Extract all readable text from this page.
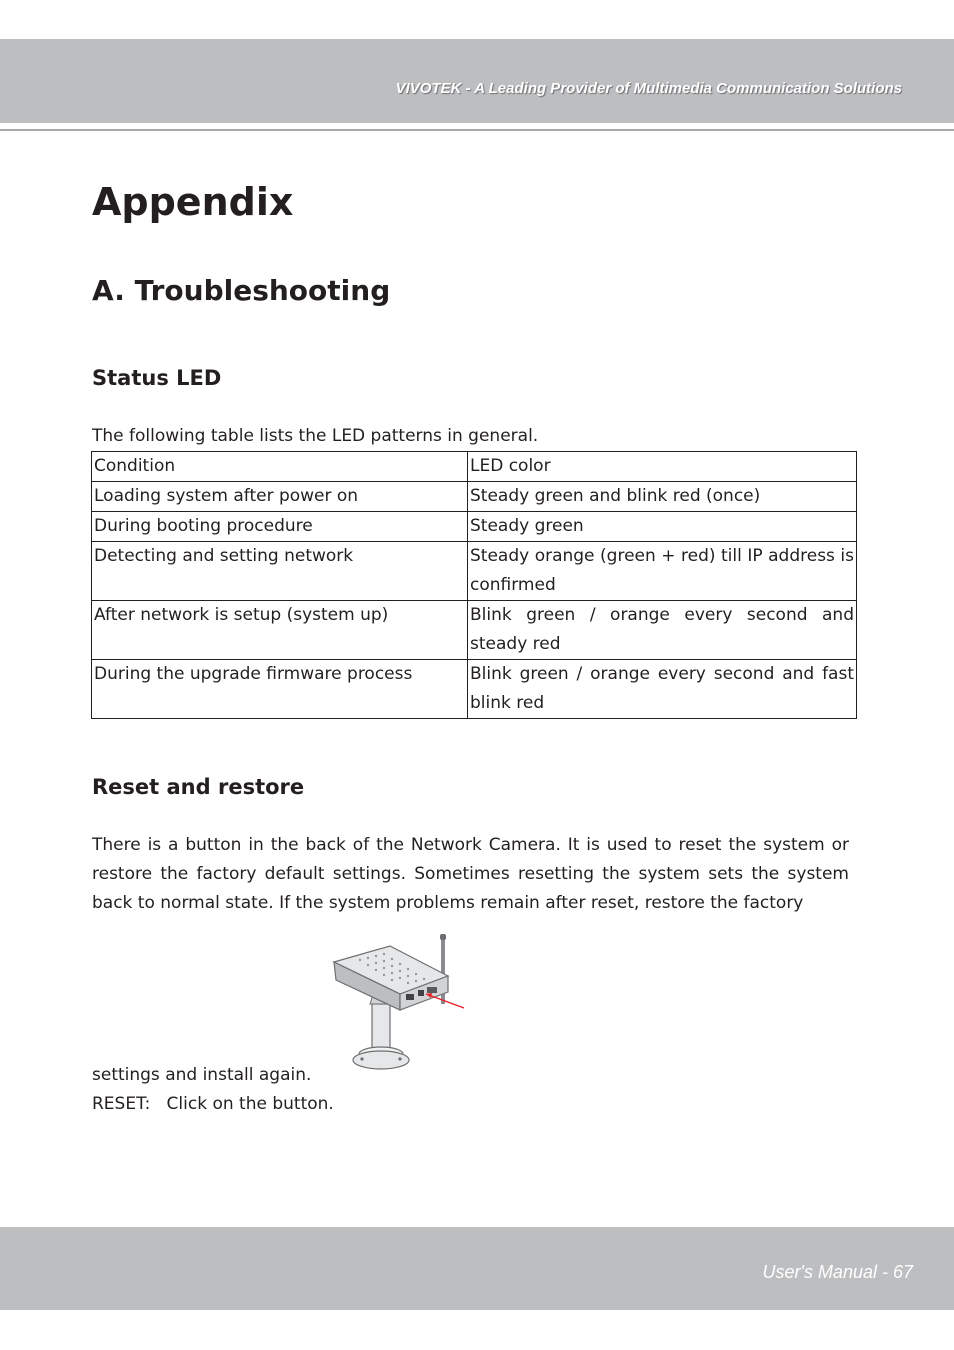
VIVOTEK - A Leading Provider of Multimedia Communication Solutions
Appendix
A. Troubleshooting
Status LED

The following table lists the LED patterns in general.

Condition	LED color
Loading system after power on	Steady green and blink red (once)
During booting procedure	Steady green
Detecting and setting network	Steady orange (green + red) till IP address is confirmed
After network is setup (system up)	Blink green / orange every second and steady red
During the upgrade firmware process	Blink green / orange every second and fast blink red
Reset and restore

There is a button in the back of the Network Camera. It is used to reset the system or restore the factory default settings. Sometimes resetting the system sets the system back to normal state. If the system problems remain after reset, restore the factory

settings and install again.
RESET:   Click on the button.
User's Manual - 67
